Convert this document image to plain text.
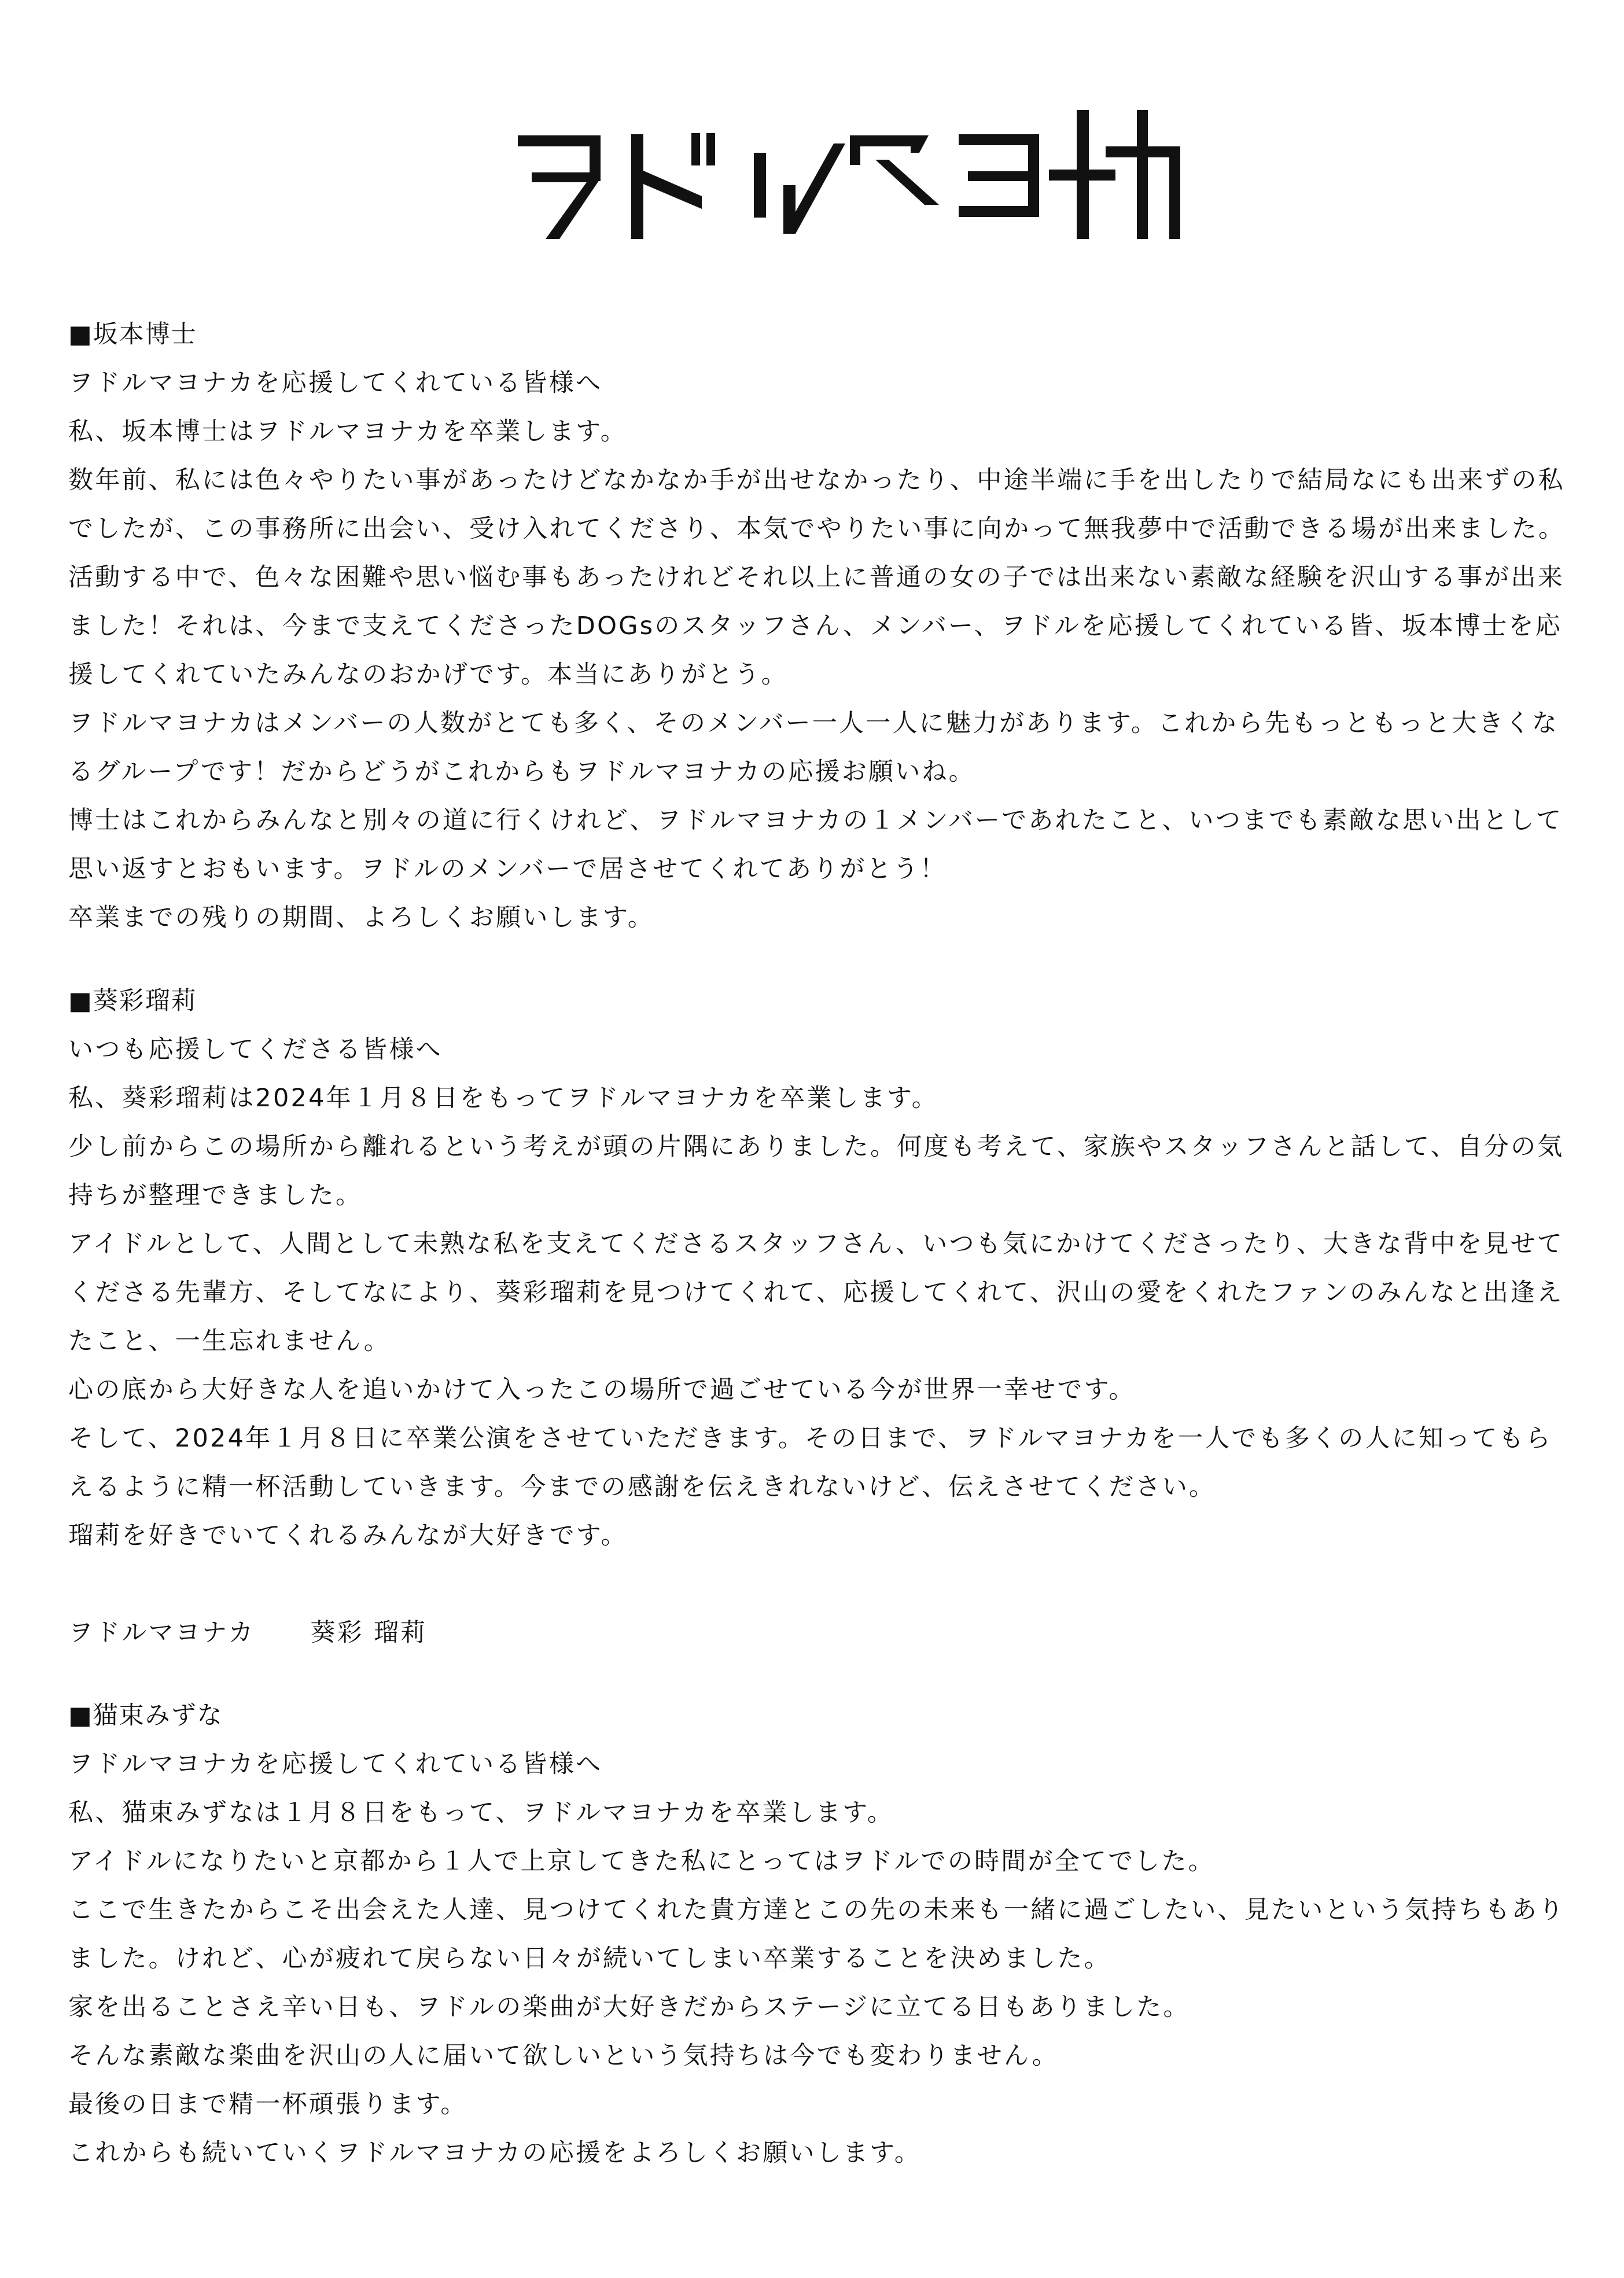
■坂本博士
ヲドルマヨナカを応援してくれている皆様へ
私、坂本博士はヲドルマヨナカを卒業します。
数年前、私には色々やりたい事があったけどなかなか手が出せなかったり、中途半端に手を出したりで結局なにも出来ずの私
でしたが、この事務所に出会い、受け入れてくださり、本気でやりたい事に向かって無我夢中で活動できる場が出来ました。
活動する中で、色々な困難や思い悩む事もあったけれどそれ以上に普通の女の子では出来ない素敵な経験を沢山する事が出来
ました！それは、今まで支えてくださったDOGsのスタッフさん、メンバー、ヲドルを応援してくれている皆、坂本博士を応
援してくれていたみんなのおかげです。本当にありがとう。
ヲドルマヨナカはメンバーの人数がとても多く、そのメンバー一人一人に魅力があります。これから先もっともっと大きくな
るグループです！だからどうがこれからもヲドルマヨナカの応援お願いね。
博士はこれからみんなと別々の道に行くけれど、ヲドルマヨナカの１メンバーであれたこと、いつまでも素敵な思い出として
思い返すとおもいます。ヲドルのメンバーで居させてくれてありがとう！
卒業までの残りの期間、よろしくお願いします。
■葵彩瑠莉
いつも応援してくださる皆様へ
私、葵彩瑠莉は2024年１月８日をもってヲドルマヨナカを卒業します。
少し前からこの場所から離れるという考えが頭の片隅にありました。何度も考えて、家族やスタッフさんと話して、自分の気
持ちが整理できました。
アイドルとして、人間として未熟な私を支えてくださるスタッフさん、いつも気にかけてくださったり、大きな背中を見せて
くださる先輩方、そしてなにより、葵彩瑠莉を見つけてくれて、応援してくれて、沢山の愛をくれたファンのみんなと出逢え
たこと、一生忘れません。
心の底から大好きな人を追いかけて入ったこの場所で過ごせている今が世界一幸せです。
そして、2024年１月８日に卒業公演をさせていただきます。その日まで、ヲドルマヨナカを一人でも多くの人に知ってもら
えるように精一杯活動していきます。今までの感謝を伝えきれないけど、伝えさせてください。
瑠莉を好きでいてくれるみんなが大好きです。
ヲドルマヨナカ 葵彩 瑠莉
■猫束みずな
ヲドルマヨナカを応援してくれている皆様へ
私、猫束みずなは１月８日をもって、ヲドルマヨナカを卒業します。
アイドルになりたいと京都から１人で上京してきた私にとってはヲドルでの時間が全てでした。
ここで生きたからこそ出会えた人達、見つけてくれた貴方達とこの先の未来も一緒に過ごしたい、見たいという気持ちもあり
ました。けれど、心が疲れて戻らない日々が続いてしまい卒業することを決めました。
家を出ることさえ辛い日も、ヲドルの楽曲が大好きだからステージに立てる日もありました。
そんな素敵な楽曲を沢山の人に届いて欲しいという気持ちは今でも変わりません。
最後の日まで精一杯頑張ります。
これからも続いていくヲドルマヨナカの応援をよろしくお願いします。
